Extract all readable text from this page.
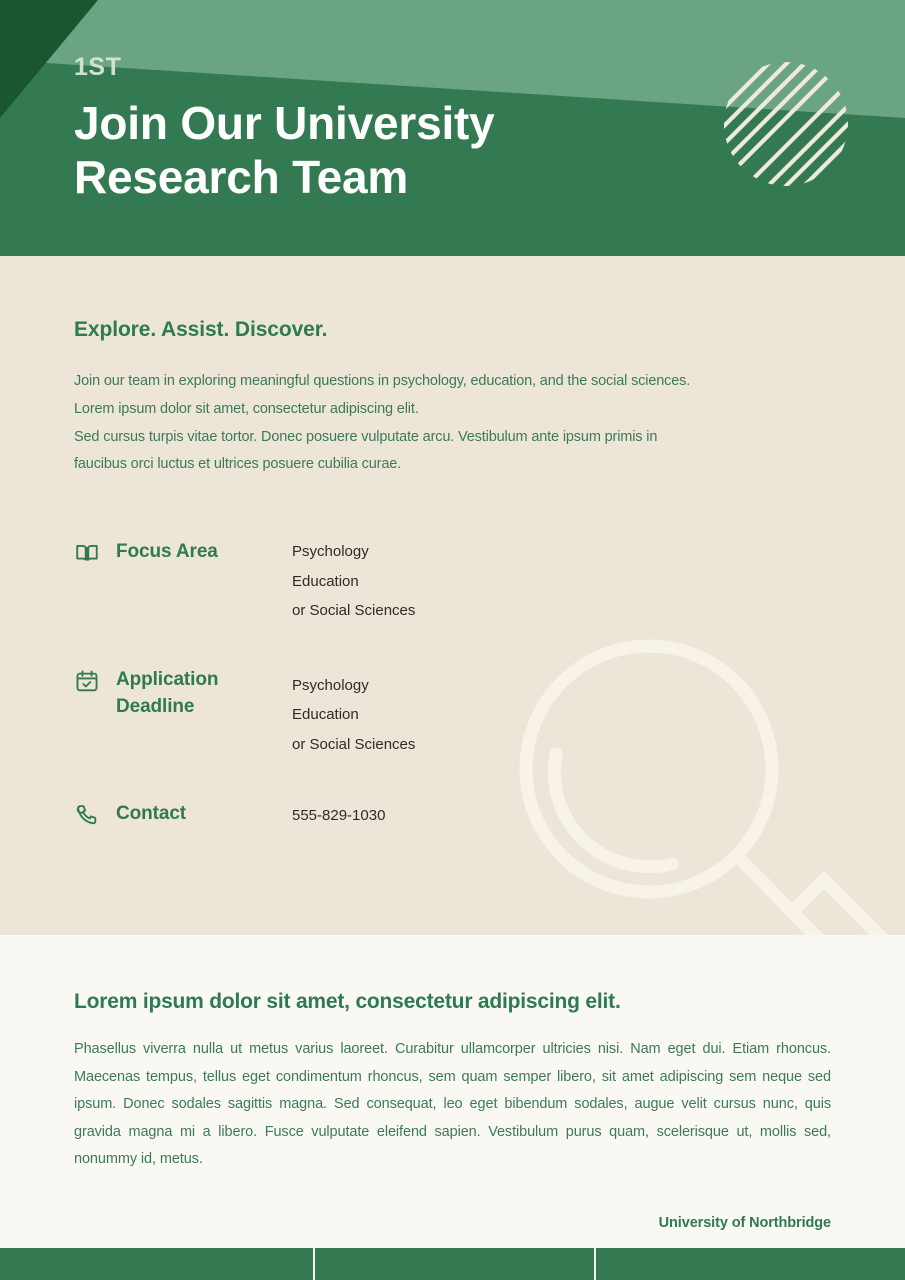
1ST
Join Our University
Research Team
Explore. Assist. Discover.

Join our team in exploring meaningful questions in psychology, education, and the social sciences.
Lorem ipsum dolor sit amet, consectetur adipiscing elit.
Sed cursus turpis vitae tortor. Donec posuere vulputate arcu. Vestibulum ante ipsum primis in
faucibus orci luctus et ultrices posuere cubilia curae.

Focus Area	Psychology
Education
or Social Sciences
Application
Deadline
Psychology
Education
or Social Sciences
Contact	555-829-1030
Lorem ipsum dolor sit amet, consectetur adipiscing elit.

Phasellus viverra nulla ut metus varius laoreet. Curabitur ullamcorper ultricies nisi. Nam eget dui. Etiam rhoncus. Maecenas tempus, tellus eget condimentum rhoncus, sem quam semper libero, sit amet adipiscing sem neque sed ipsum. Donec sodales sagittis magna. Sed consequat, leo eget bibendum sodales, augue velit cursus nunc, quis gravida magna mi a libero. Fusce vulputate eleifend sapien. Vestibulum purus quam, scelerisque ut, mollis sed, nonummy id, metus.

University of Northbridge
